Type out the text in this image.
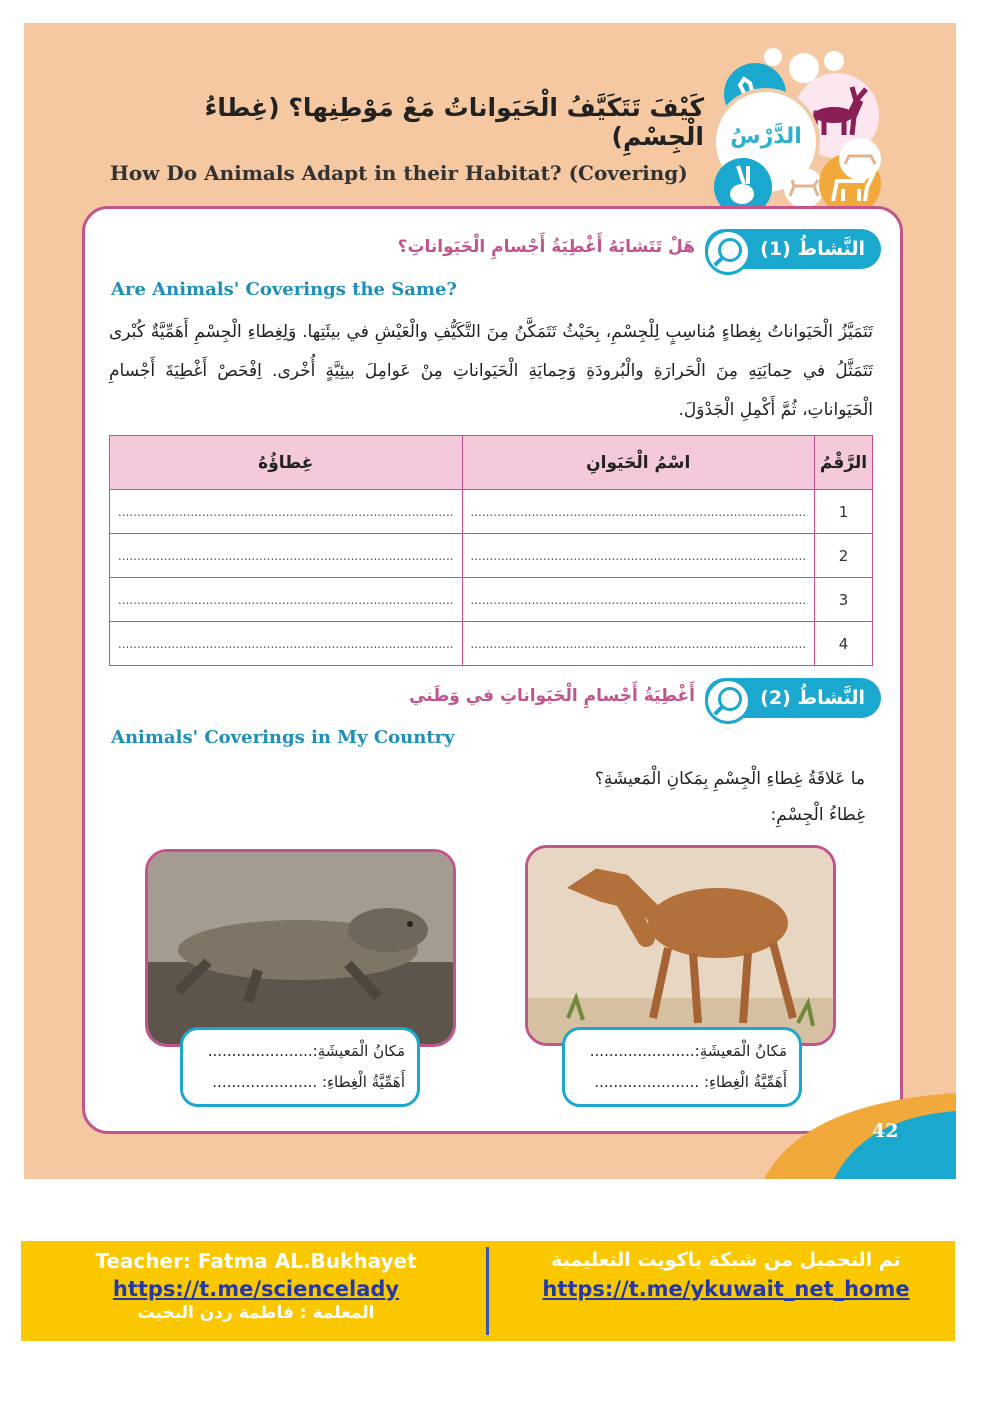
الدَّرْسُ
كَيْفَ تَتَكَيَّفُ الْحَيَواناتُ مَعْ مَوْطِنِها؟ (غِطاءُ الْجِسْمِ)
How Do Animals Adapt in their Habitat? (Covering)
النَّشاطُ (1)
هَلْ تَتَشابَهُ أَغْطِيَةُ أَجْسامِ الْحَيَواناتِ؟
Are Animals' Coverings the Same?
تَتَمَيَّزُ الْحَيَواناتُ بِغِطاءٍ مُناسِبٍ لِلْجِسْمِ، بِحَيْثُ تَتَمَكَّنُ مِنَ التَّكَيُّفِ والْعَيْشِ في بيئَتِها. وَلِغِطاءِ الْجِسْمِ أَهَمِّيَّةٌ كُبْرى تَتَمَثَّلُ في حِمايَتِهِ مِنَ الْحَرارَةِ والْبُرودَةِ وَحِمايَةِ الْحَيَواناتِ مِنْ عَوامِلَ بيئِيَّةٍ أُخْرى. اِفْحَصْ أَغْطِيَةَ أَجْسامِ الْحَيَواناتِ، ثُمَّ أَكْمِلِ الْجَدْوَلَ.
الرَّقْمُ	اسْمُ الْحَيَوانِ	غِطاؤُهُ
1	........................................................................................	........................................................................................
2	........................................................................................	........................................................................................
3	........................................................................................	........................................................................................
4	........................................................................................	........................................................................................
النَّشاطُ (2)
أَغْطِيَةُ أَجْسامِ الْحَيَواناتِ في وَطَني
Animals' Coverings in My Country
ما عَلاقَةُ غِطاءِ الْجِسْمِ بِمَكانِ الْمَعيشَةِ؟
غِطاءُ الْجِسْمِ:
مَكانُ الْمَعيشَةِ:......................
أَهَمِّيَّةُ الْغِطاءِ: ......................
مَكانُ الْمَعيشَةِ:......................
أَهَمِّيَّةُ الْغِطاءِ: ......................
42
Teacher: Fatma AL.Bukhayet
https://t.me/sciencelady
المعلمة : فاطمة ردن البخيت
تم التحميل من شبكة ياكويت التعليمية
https://t.me/ykuwait_net_home
